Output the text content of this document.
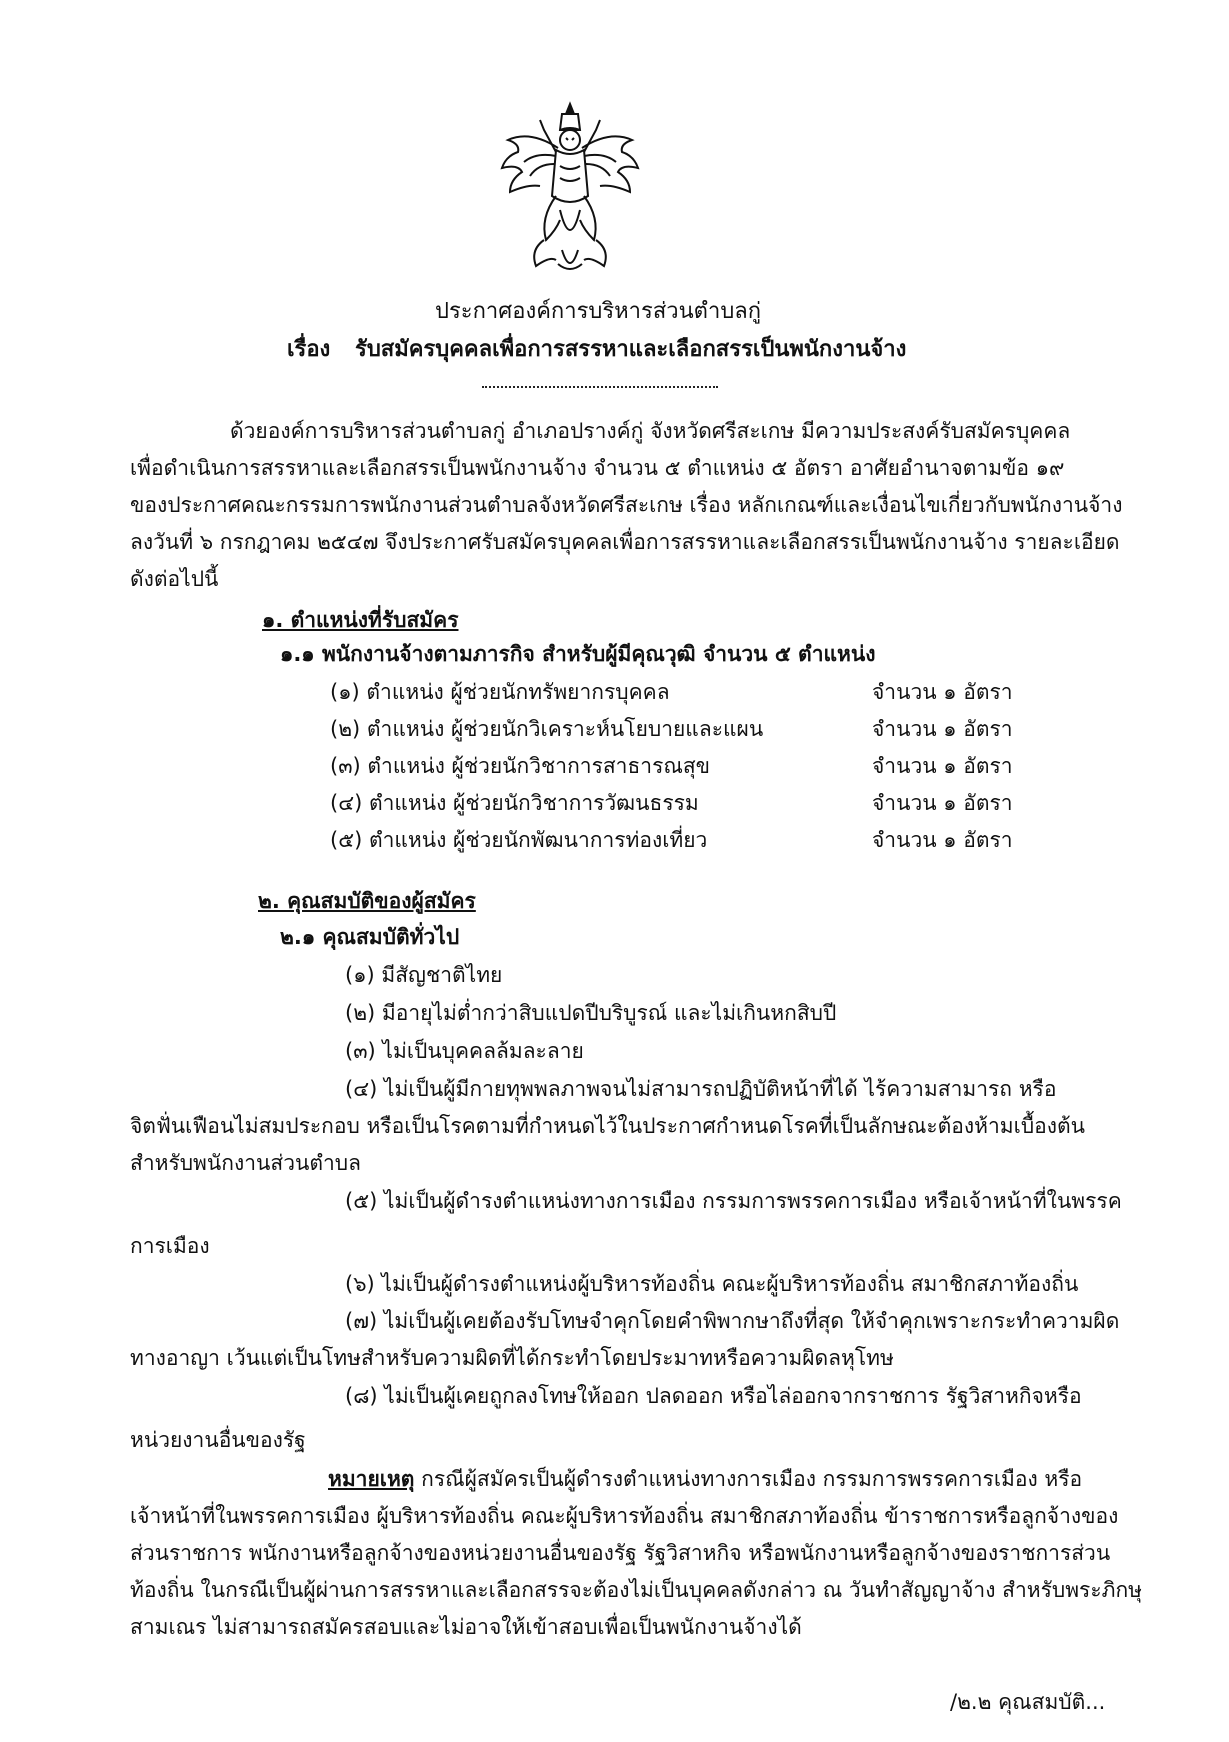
ประกาศองค์การบริหารส่วนตำบลกู่
เรื่อง รับสมัครบุคคลเพื่อการสรรหาและเลือกสรรเป็นพนักงานจ้าง
ด้วยองค์การบริหารส่วนตำบลกู่ อำเภอปรางค์กู่ จังหวัดศรีสะเกษ มีความประสงค์รับสมัครบุคคล
เพื่อดำเนินการสรรหาและเลือกสรรเป็นพนักงานจ้าง จำนวน ๕ ตำแหน่ง ๕ อัตรา อาศัยอำนาจตามข้อ ๑๙
ของประกาศคณะกรรมการพนักงานส่วนตำบลจังหวัดศรีสะเกษ เรื่อง หลักเกณฑ์และเงื่อนไขเกี่ยวกับพนักงานจ้าง
ลงวันที่ ๖ กรกฎาคม ๒๕๔๗ จึงประกาศรับสมัครบุคคลเพื่อการสรรหาและเลือกสรรเป็นพนักงานจ้าง รายละเอียด
ดังต่อไปนี้
๑. ตำแหน่งที่รับสมัคร
๑.๑ พนักงานจ้างตามภารกิจ สำหรับผู้มีคุณวุฒิ จำนวน ๕ ตำแหน่ง
(๑) ตำแหน่ง ผู้ช่วยนักทรัพยากรบุคคล	จำนวน ๑ อัตรา
(๒) ตำแหน่ง ผู้ช่วยนักวิเคราะห์นโยบายและแผน	จำนวน ๑ อัตรา
(๓) ตำแหน่ง ผู้ช่วยนักวิชาการสาธารณสุข	จำนวน ๑ อัตรา
(๔) ตำแหน่ง ผู้ช่วยนักวิชาการวัฒนธรรม	จำนวน ๑ อัตรา
(๕) ตำแหน่ง ผู้ช่วยนักพัฒนาการท่องเที่ยว	จำนวน ๑ อัตรา
๒. คุณสมบัติของผู้สมัคร
๒.๑ คุณสมบัติทั่วไป
(๑) มีสัญชาติไทย
(๒) มีอายุไม่ต่ำกว่าสิบแปดปีบริบูรณ์ และไม่เกินหกสิบปี
(๓) ไม่เป็นบุคคลล้มละลาย
(๔) ไม่เป็นผู้มีกายทุพพลภาพจนไม่สามารถปฏิบัติหน้าที่ได้ ไร้ความสามารถ หรือ
จิตฟั่นเฟือนไม่สมประกอบ หรือเป็นโรคตามที่กำหนดไว้ในประกาศกำหนดโรคที่เป็นลักษณะต้องห้ามเบื้องต้น
สำหรับพนักงานส่วนตำบล
(๕) ไม่เป็นผู้ดำรงตำแหน่งทางการเมือง กรรมการพรรคการเมือง หรือเจ้าหน้าที่ในพรรค
การเมือง
(๖) ไม่เป็นผู้ดำรงตำแหน่งผู้บริหารท้องถิ่น คณะผู้บริหารท้องถิ่น สมาชิกสภาท้องถิ่น
(๗) ไม่เป็นผู้เคยต้องรับโทษจำคุกโดยคำพิพากษาถึงที่สุด ให้จำคุกเพราะกระทำความผิด
ทางอาญา เว้นแต่เป็นโทษสำหรับความผิดที่ได้กระทำโดยประมาทหรือความผิดลหุโทษ
(๘) ไม่เป็นผู้เคยถูกลงโทษให้ออก ปลดออก หรือไล่ออกจากราชการ รัฐวิสาหกิจหรือ
หน่วยงานอื่นของรัฐ
หมายเหตุ กรณีผู้สมัครเป็นผู้ดำรงตำแหน่งทางการเมือง กรรมการพรรคการเมือง หรือ
เจ้าหน้าที่ในพรรคการเมือง ผู้บริหารท้องถิ่น คณะผู้บริหารท้องถิ่น สมาชิกสภาท้องถิ่น ข้าราชการหรือลูกจ้างของ
ส่วนราชการ พนักงานหรือลูกจ้างของหน่วยงานอื่นของรัฐ รัฐวิสาหกิจ หรือพนักงานหรือลูกจ้างของราชการส่วน
ท้องถิ่น ในกรณีเป็นผู้ผ่านการสรรหาและเลือกสรรจะต้องไม่เป็นบุคคลดังกล่าว ณ วันทำสัญญาจ้าง สำหรับพระภิกษุ
สามเณร ไม่สามารถสมัครสอบและไม่อาจให้เข้าสอบเพื่อเป็นพนักงานจ้างได้
/๒.๒ คุณสมบัติ...
